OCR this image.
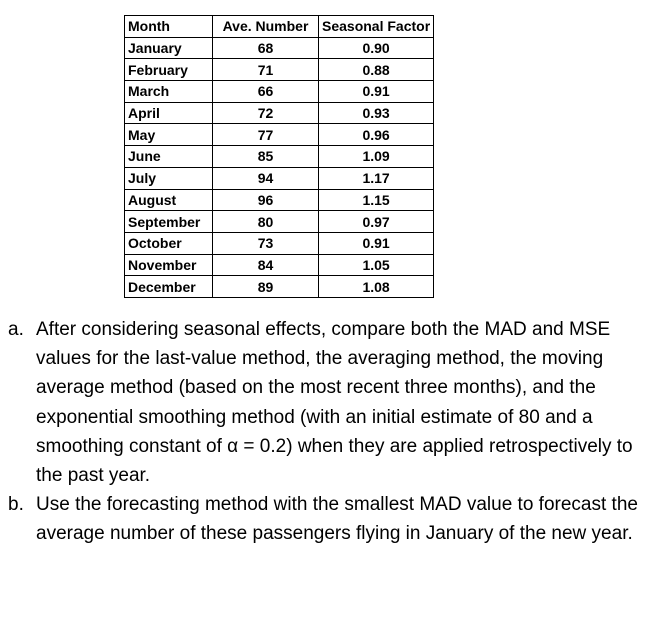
Month	Ave. Number	Seasonal Factor
January	68	0.90
February	71	0.88
March	66	0.91
April	72	0.93
May	77	0.96
June	85	1.09
July	94	1.17
August	96	1.15
September	80	0.97
October	73	0.91
November	84	1.05
December	89	1.08
a. After considering seasonal effects, compare both the MAD and MSE values for the last-value method, the averaging method, the moving average method (based on the most recent three months), and the exponential smoothing method (with an initial estimate of 80 and a smoothing constant of α = 0.2) when they are applied retrospectively to the past year.
b. Use the forecasting method with the smallest MAD value to forecast the average number of these passengers flying in January of the new year.
